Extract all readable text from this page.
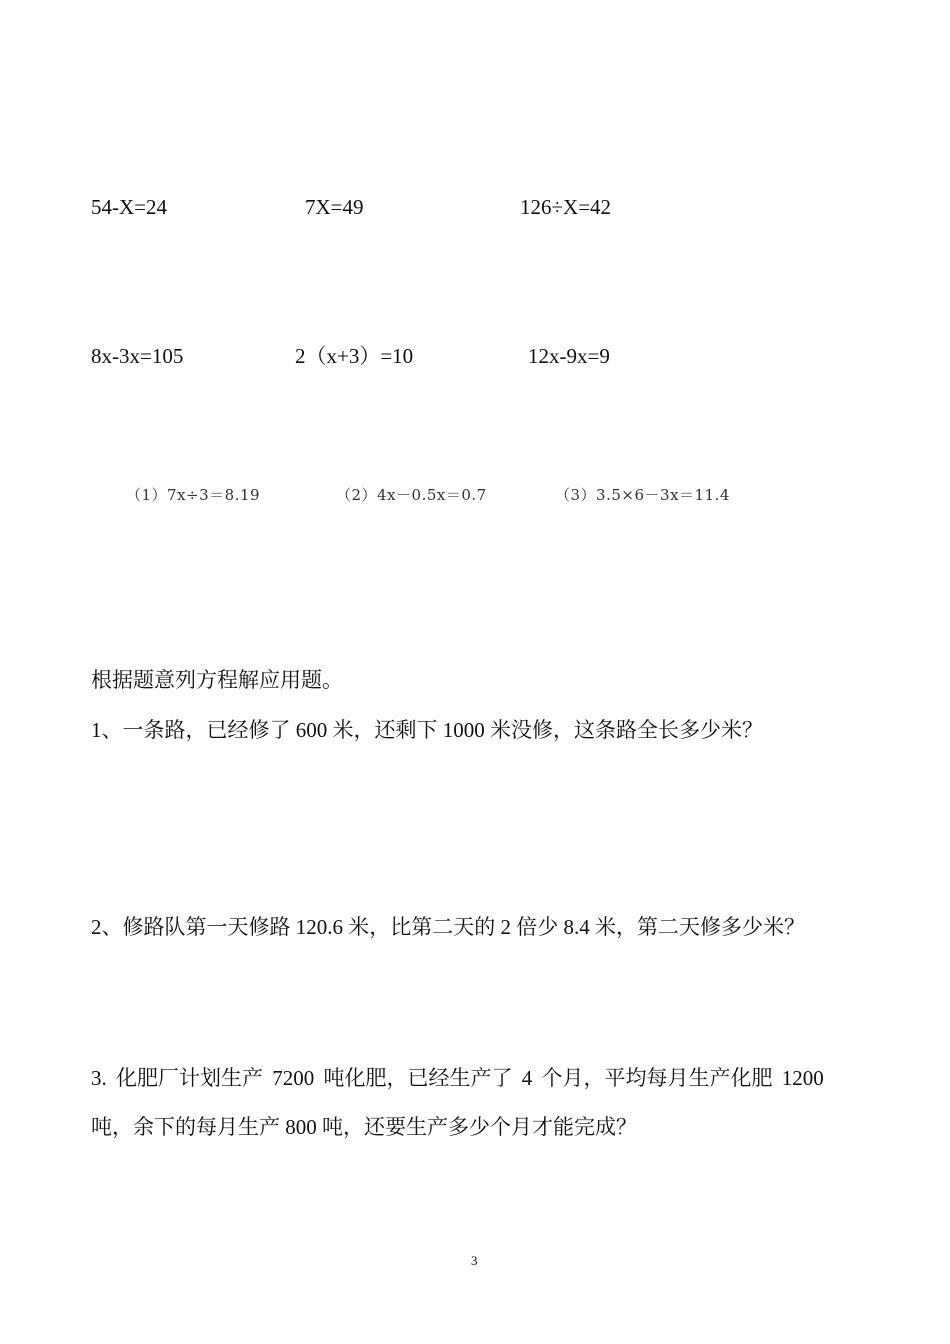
54-X=24	7X=49	126÷X=42
8x-3x=105	2（x+3）=10	12x-9x=9
（1）7x÷3＝8.19	（2）4x－0.5x＝0.7	（3）3.5×6－3x＝11.4
根据题意列方程解应用题。
1、一条路，已经修了 600 米，还剩下 1000 米没修，这条路全长多少米？
2、修路队第一天修路 120.6 米，比第二天的 2 倍少 8.4 米，第二天修多少米？
3. 化肥厂计划生产 7200 吨化肥，已经生产了 4 个月，平均每月生产化肥 1200
吨，余下的每月生产 800 吨，还要生产多少个月才能完成？
3
